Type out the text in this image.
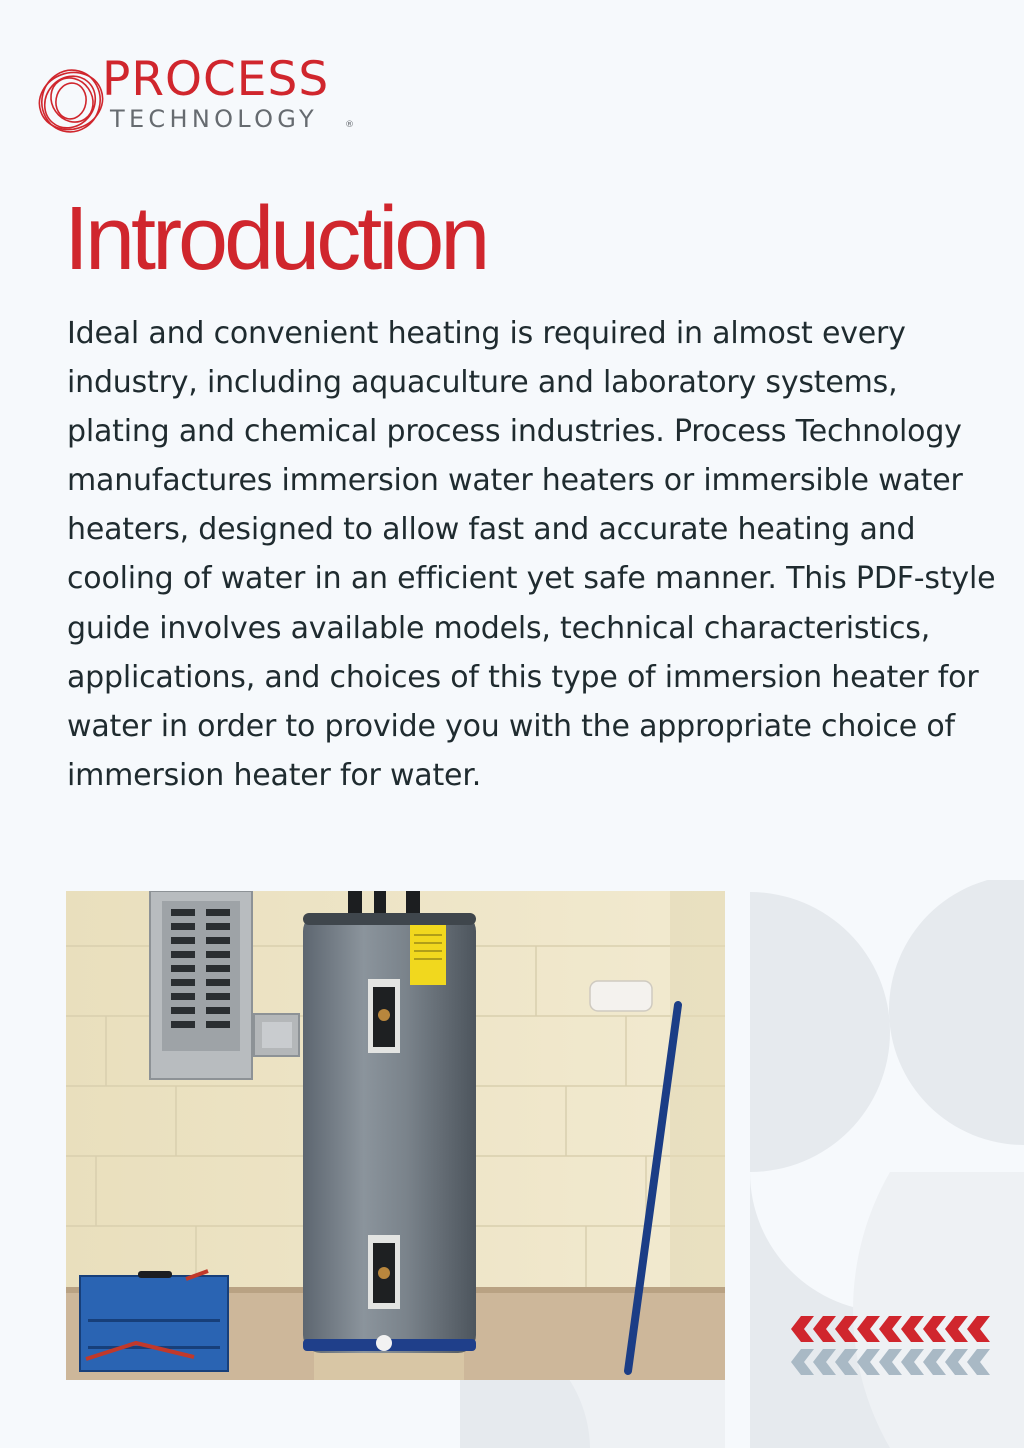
PROCESS
TECHNOLOGY	®
Introduction

Ideal and convenient heating is required in almost every industry, including aquaculture and laboratory systems, plating and chemical process industries. Process Technology manufactures immersion water heaters or immersible water heaters, designed to allow fast and accurate heating and cooling of water in an efficient yet safe manner. This PDF-style guide involves available models, technical characteristics, applications, and choices of this type of immersion heater for water in order to provide you with the appropriate choice of immersion heater for water.
